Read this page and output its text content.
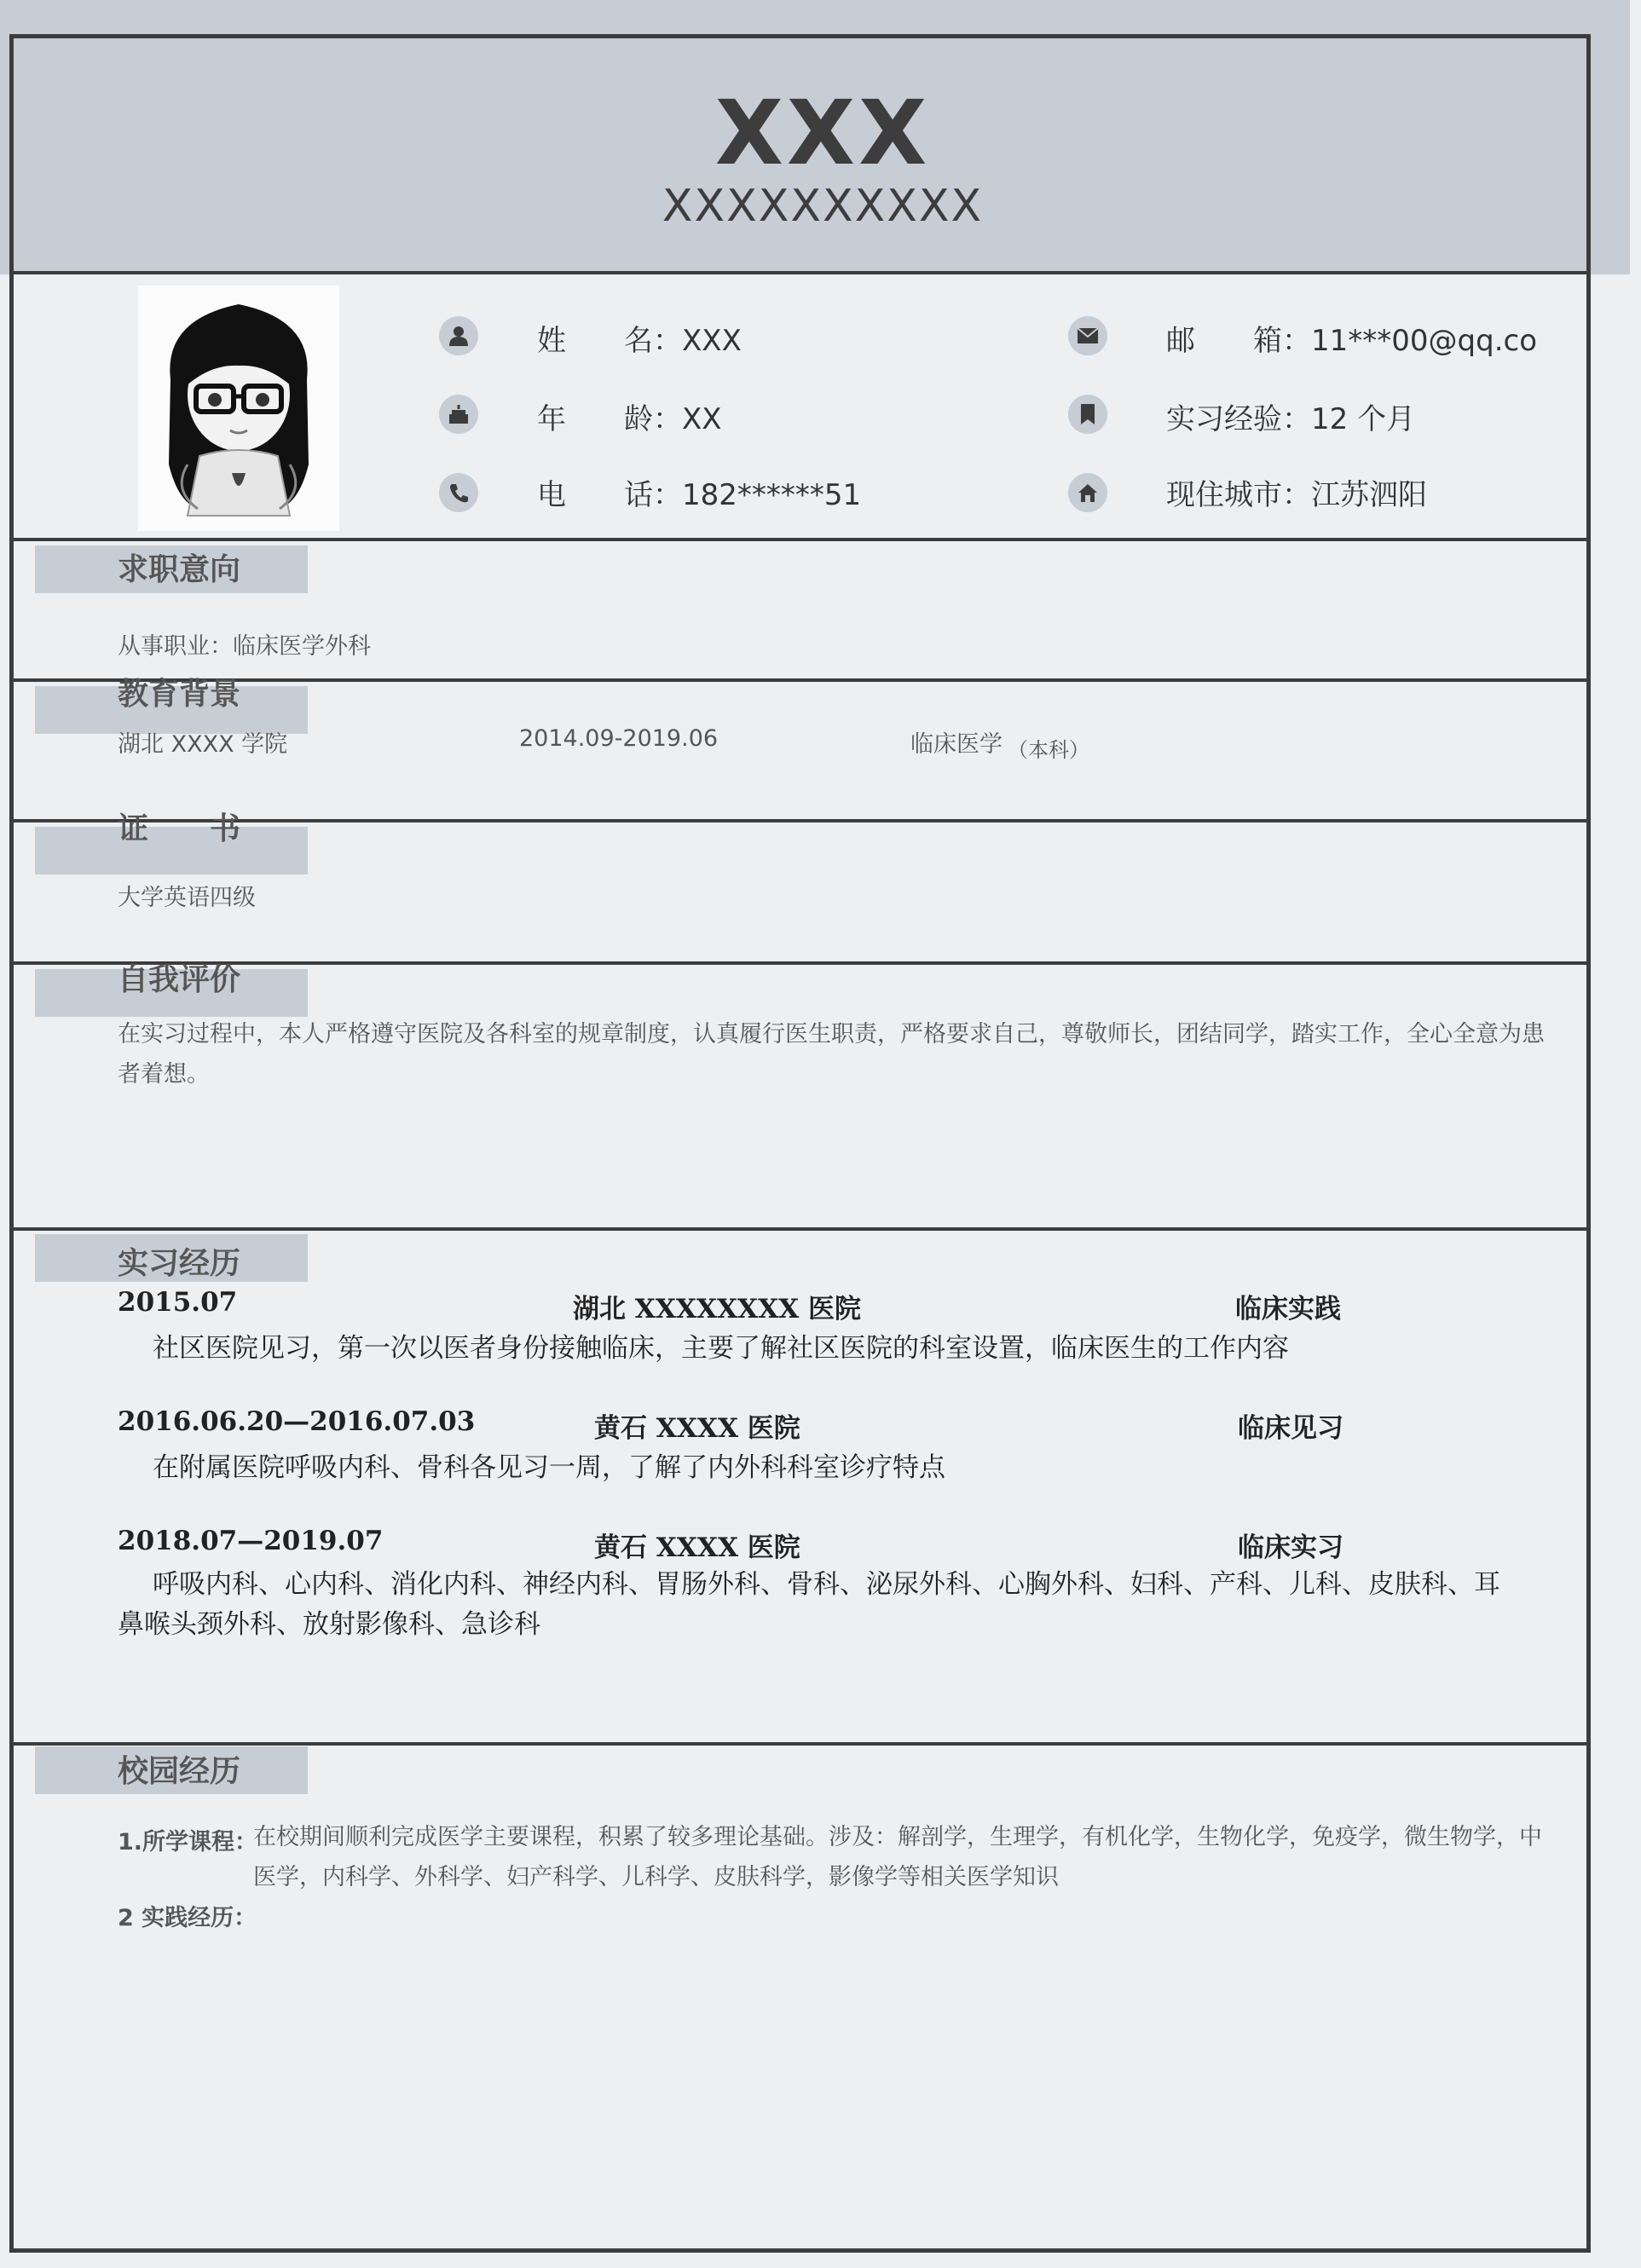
XXX
XXXXXXXXXX
姓　　名：XXX
年　　龄：XX
电　　话：182******51
邮　　箱：11***00@qq.co
实习经验：12 个月
现住城市：江苏泗阳
求职意向
从事职业：临床医学外科
教育背景
湖北 XXXX 学院	2014.09-2019.06	临床医学 （本科）
证　　书
大学英语四级
自我评价
在实习过程中，本人严格遵守医院及各科室的规章制度，认真履行医生职责，严格要求自己，尊敬师长，团结同学，踏实工作，全心全意为患者着想。
实习经历
2015.07	湖北 XXXXXXXX 医院	临床实践
社区医院见习，第一次以医者身份接触临床，主要了解社区医院的科室设置，临床医生的工作内容
2016.06.20—2016.07.03	黄石 XXXX 医院	临床见习
在附属医院呼吸内科、骨科各见习一周，了解了内外科科室诊疗特点
2018.07—2019.07	黄石 XXXX 医院	临床实习
呼吸内科、心内科、消化内科、神经内科、胃肠外科、骨科、泌尿外科、心胸外科、妇科、产科、儿科、皮肤科、耳鼻喉头颈外科、放射影像科、急诊科
校园经历
1.所学课程：
在校期间顺利完成医学主要课程，积累了较多理论基础。涉及：解剖学，生理学，有机化学，生物化学，免疫学，微生物学，中医学，内科学、外科学、妇产科学、儿科学、皮肤科学，影像学等相关医学知识
2 实践经历：
